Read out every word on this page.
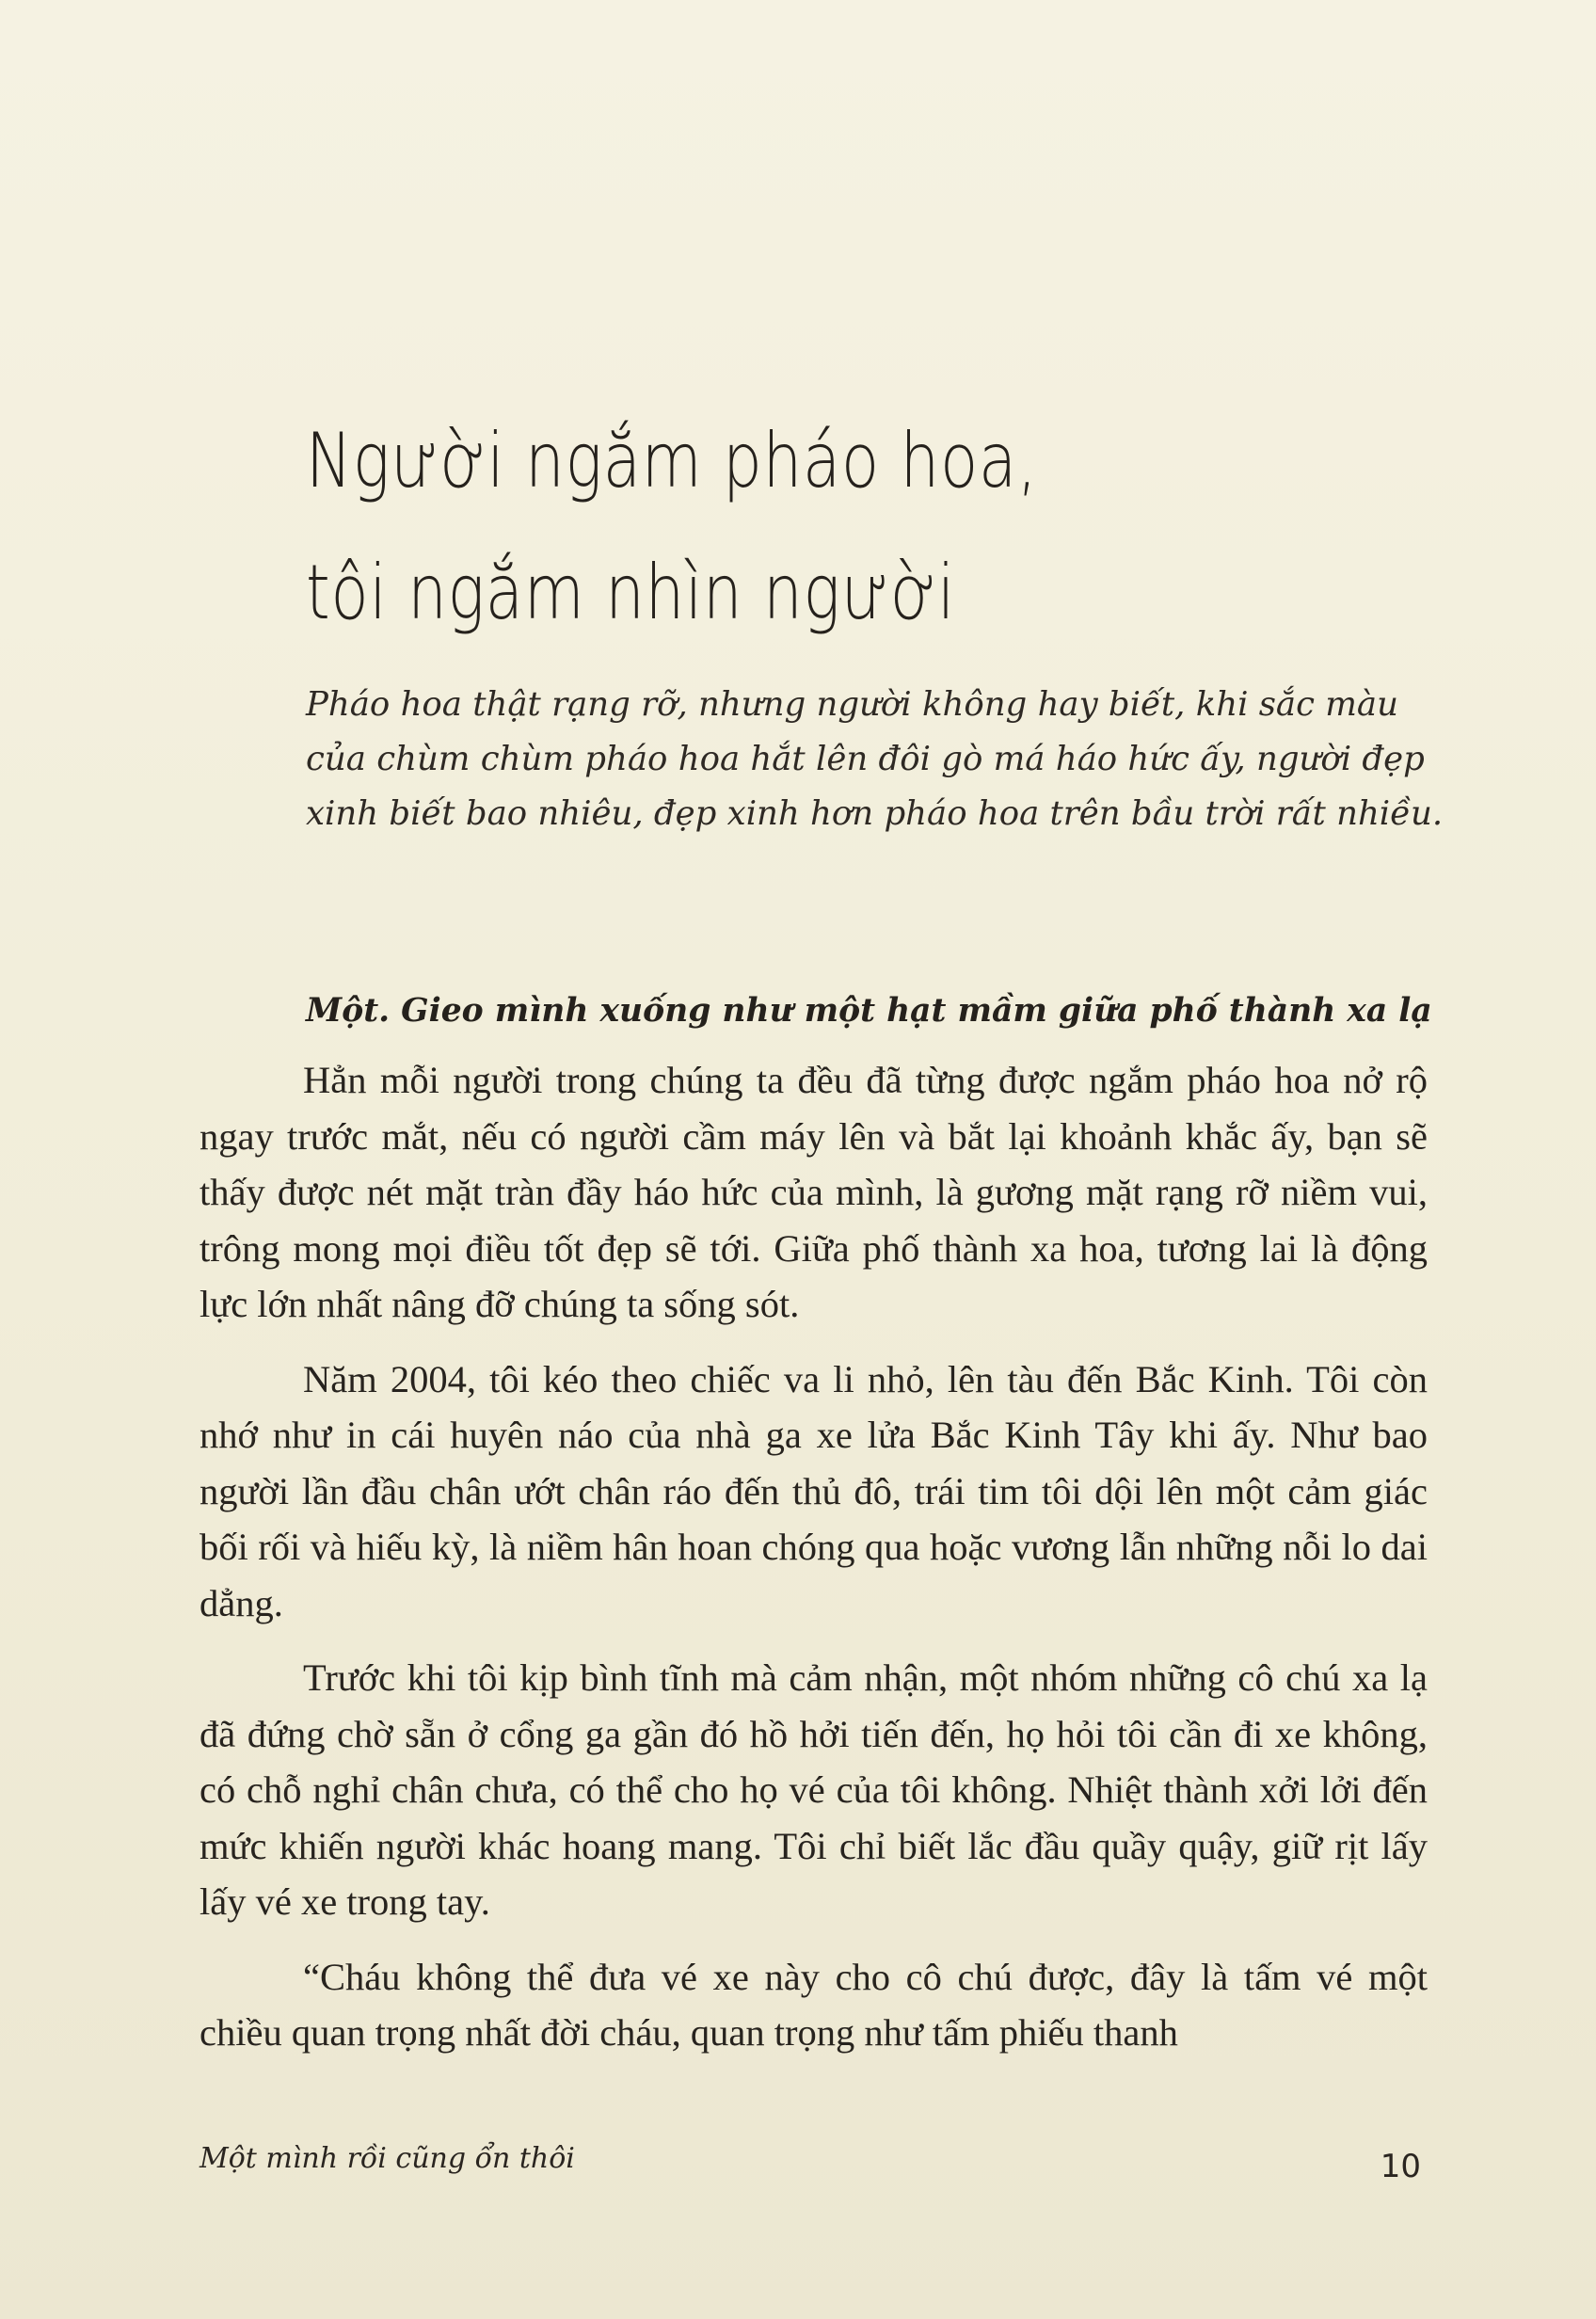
Người ngắm pháo hoa,
tôi ngắm nhìn người

Pháo hoa thật rạng rỡ, nhưng người không hay biết, khi sắc màu của chùm chùm pháo hoa hắt lên đôi gò má háo hức ấy, người đẹp xinh biết bao nhiêu, đẹp xinh hơn pháo hoa trên bầu trời rất nhiều.

Một. Gieo mình xuống như một hạt mầm giữa phố thành xa lạ

Hẳn mỗi người trong chúng ta đều đã từng được ngắm pháo hoa nở rộ ngay trước mắt, nếu có người cầm máy lên và bắt lại khoảnh khắc ấy, bạn sẽ thấy được nét mặt tràn đầy háo hức của mình, là gương mặt rạng rỡ niềm vui, trông mong mọi điều tốt đẹp sẽ tới. Giữa phố thành xa hoa, tương lai là động lực lớn nhất nâng đỡ chúng ta sống sót.

Năm 2004, tôi kéo theo chiếc va li nhỏ, lên tàu đến Bắc Kinh. Tôi còn nhớ như in cái huyên náo của nhà ga xe lửa Bắc Kinh Tây khi ấy. Như bao người lần đầu chân ướt chân ráo đến thủ đô, trái tim tôi dội lên một cảm giác bối rối và hiếu kỳ, là niềm hân hoan chóng qua hoặc vương lẫn những nỗi lo dai dẳng.

Trước khi tôi kịp bình tĩnh mà cảm nhận, một nhóm những cô chú xa lạ đã đứng chờ sẵn ở cổng ga gần đó hồ hởi tiến đến, họ hỏi tôi cần đi xe không, có chỗ nghỉ chân chưa, có thể cho họ vé của tôi không. Nhiệt thành xởi lởi đến mức khiến người khác hoang mang. Tôi chỉ biết lắc đầu quầy quậy, giữ rịt lấy lấy vé xe trong tay.

“Cháu không thể đưa vé xe này cho cô chú được, đây là tấm vé một chiều quan trọng nhất đời cháu, quan trọng như tấm phiếu thanh

Một mình rồi cũng ổn thôi	10
